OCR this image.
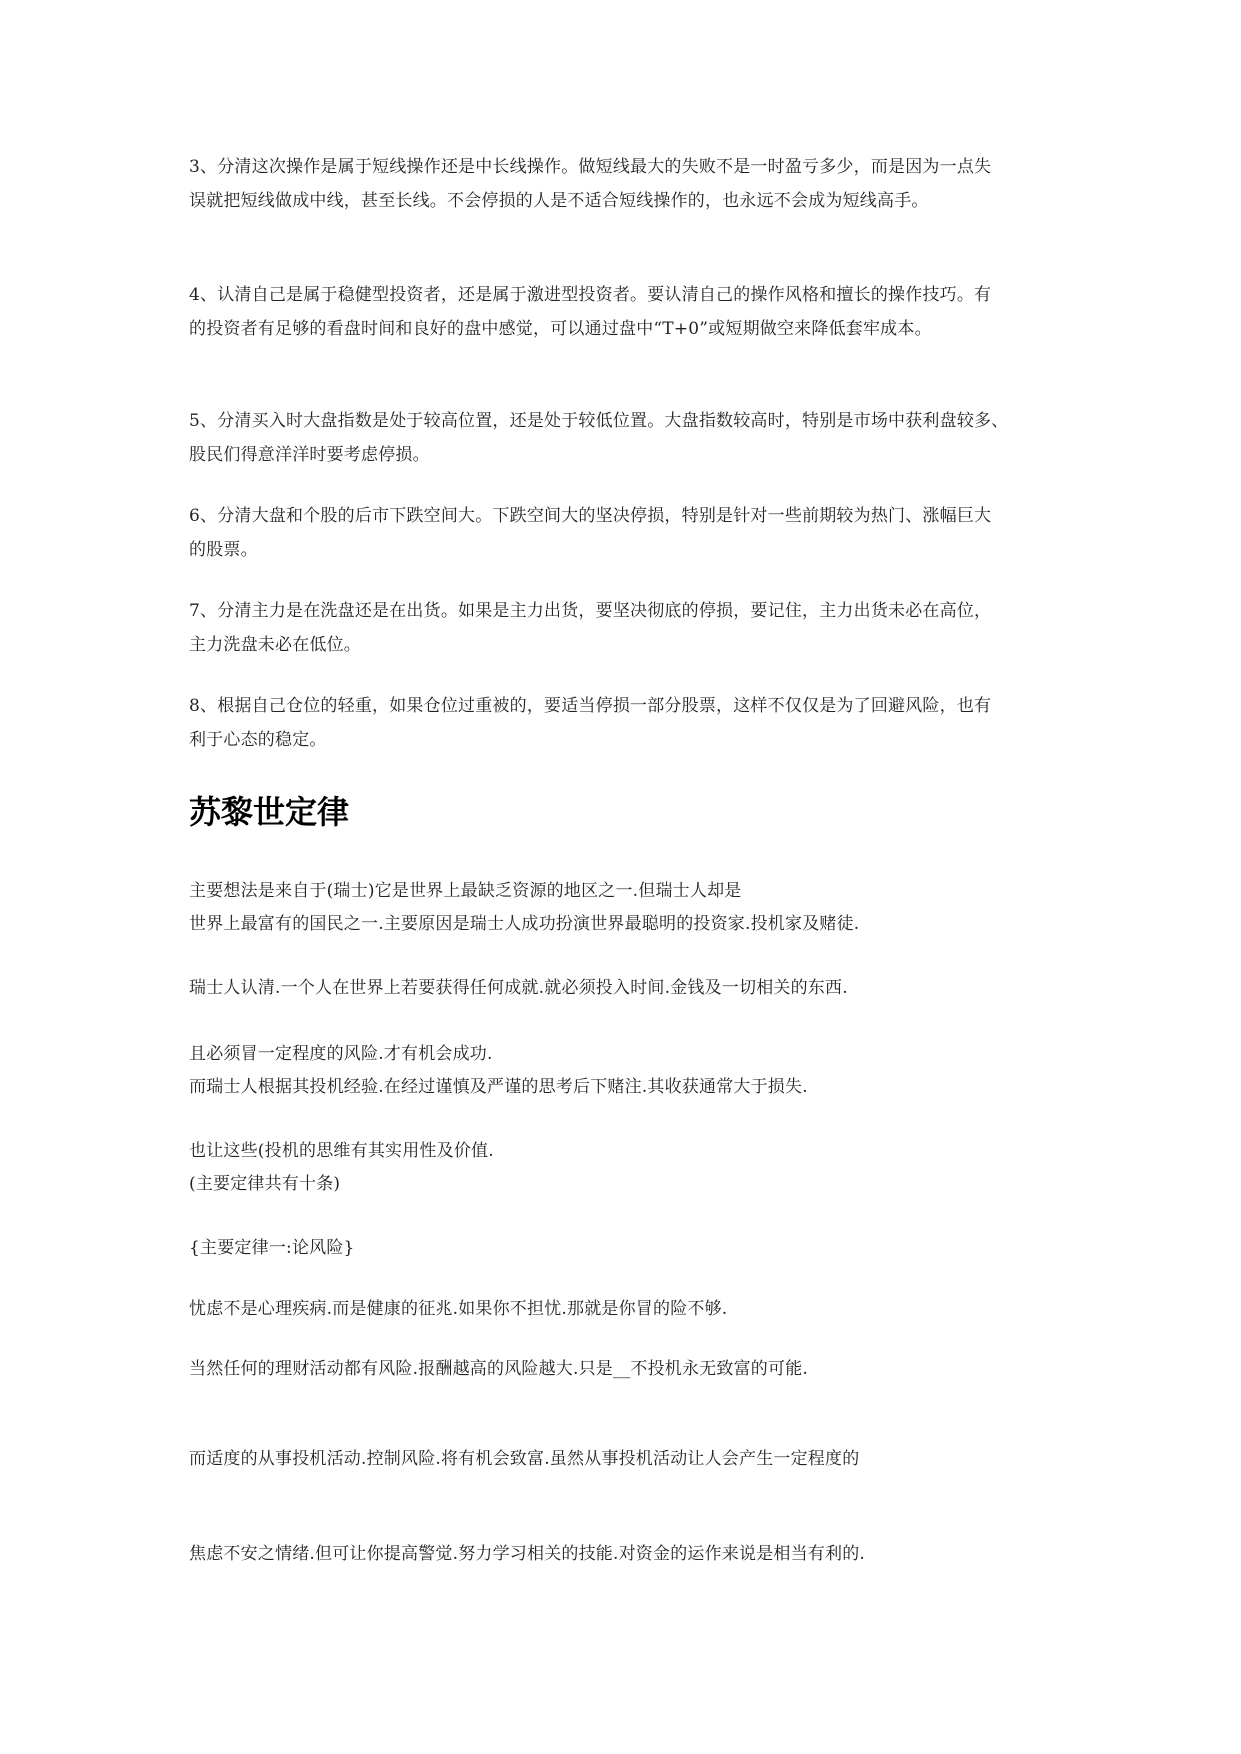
3、分清这次操作是属于短线操作还是中长线操作。做短线最大的失败不是一时盈亏多少，而是因为一点失

误就把短线做成中线，甚至长线。不会停损的人是不适合短线操作的，也永远不会成为短线高手。

4、认清自己是属于稳健型投资者，还是属于激进型投资者。要认清自己的操作风格和擅长的操作技巧。有

的投资者有足够的看盘时间和良好的盘中感觉，可以通过盘中“T+0”或短期做空来降低套牢成本。

5、分清买入时大盘指数是处于较高位置，还是处于较低位置。大盘指数较高时，特别是市场中获利盘较多、

股民们得意洋洋时要考虑停损。

6、分清大盘和个股的后市下跌空间大。下跌空间大的坚决停损，特别是针对一些前期较为热门、涨幅巨大

的股票。

7、分清主力是在洗盘还是在出货。如果是主力出货，要坚决彻底的停损，要记住，主力出货未必在高位，

主力洗盘未必在低位。

8、根据自己仓位的轻重，如果仓位过重被的，要适当停损一部分股票，这样不仅仅是为了回避风险，也有

利于心态的稳定。

苏黎世定律

主要想法是来自于(瑞士)它是世界上最缺乏资源的地区之一.但瑞士人却是

世界上最富有的国民之一.主要原因是瑞士人成功扮演世界最聪明的投资家.投机家及赌徒.

瑞士人认清.一个人在世界上若要获得任何成就.就必须投入时间.金钱及一切相关的东西.

且必须冒一定程度的风险.才有机会成功.

而瑞士人根据其投机经验.在经过谨慎及严谨的思考后下赌注.其收获通常大于损失.

也让这些(投机的思维有其实用性及价值.

(主要定律共有十条)

{主要定律一:论风险}

忧虑不是心理疾病.而是健康的征兆.如果你不担忧.那就是你冒的险不够.

当然任何的理财活动都有风险.报酬越高的风险越大.只是__不投机永无致富的可能.

而适度的从事投机活动.控制风险.将有机会致富.虽然从事投机活动让人会产生一定程度的

焦虑不安之情绪.但可让你提高警觉.努力学习相关的技能.对资金的运作来说是相当有利的.
